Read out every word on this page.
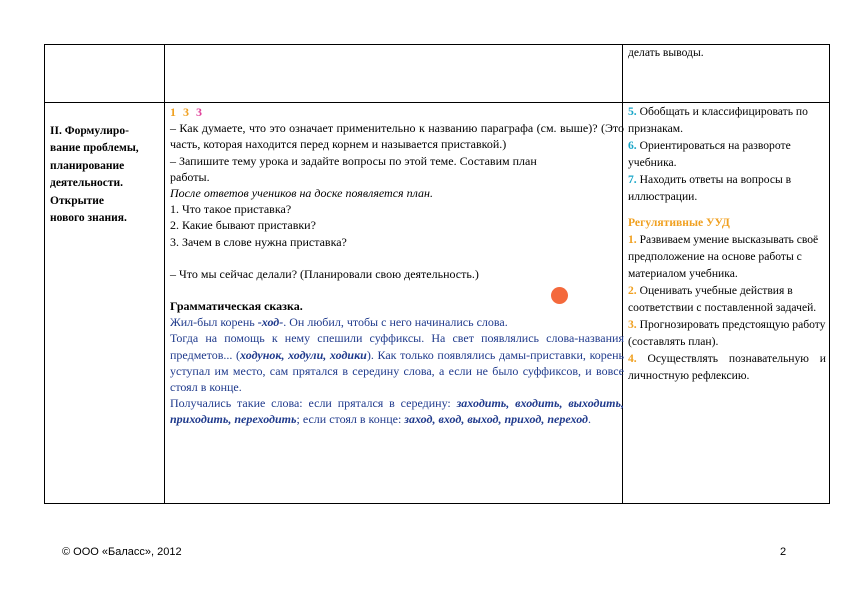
делать выводы.
II. Формулиро-
вание проблемы,
планирование
деятельности.
Открытие
нового знания.
1 3 3
– Как думаете, что это означает применительно к названию параграфа (см. выше)? (Это часть, которая находится перед корнем и называется приставкой.)
– Запишите тему урока и задайте вопросы по этой теме. Составим план работы.
После ответов учеников на доске появляется план.
1. Что такое приставка?
2. Какие бывают приставки?
3. Зачем в слове нужна приставка?
– Что мы сейчас делали? (Планировали свою деятельность.)
Грамматическая сказка.
Жил-был корень -ход-. Он любил, чтобы с него начинались слова.
Тогда на помощь к нему спешили суффиксы. На свет появлялись слова-названия предметов... (ходунок, ходули, ходики). Как только появлялись дамы-приставки, корень уступал им место, сам прятался в середину слова, а если не было суффиксов, и вовсе стоял в конце.
Получались такие слова: если прятался в середину: заходить, входить, выходить, приходить, переходить; если стоял в конце: заход, вход, выход, приход, переход.
5. Обобщать и классифицировать по признакам.
6. Ориентироваться на развороте учебника.
7. Находить ответы на вопросы в иллюстрации.
Регулятивные УУД
1. Развиваем умение высказывать своё предположение на основе работы с материалом учебника.
2. Оценивать учебные действия в соответствии с поставленной задачей.
3. Прогнозировать предстоящую работу (составлять план).
4. Осуществлять познавательную и личностную рефлексию.
© ООО «Баласс», 2012	2
